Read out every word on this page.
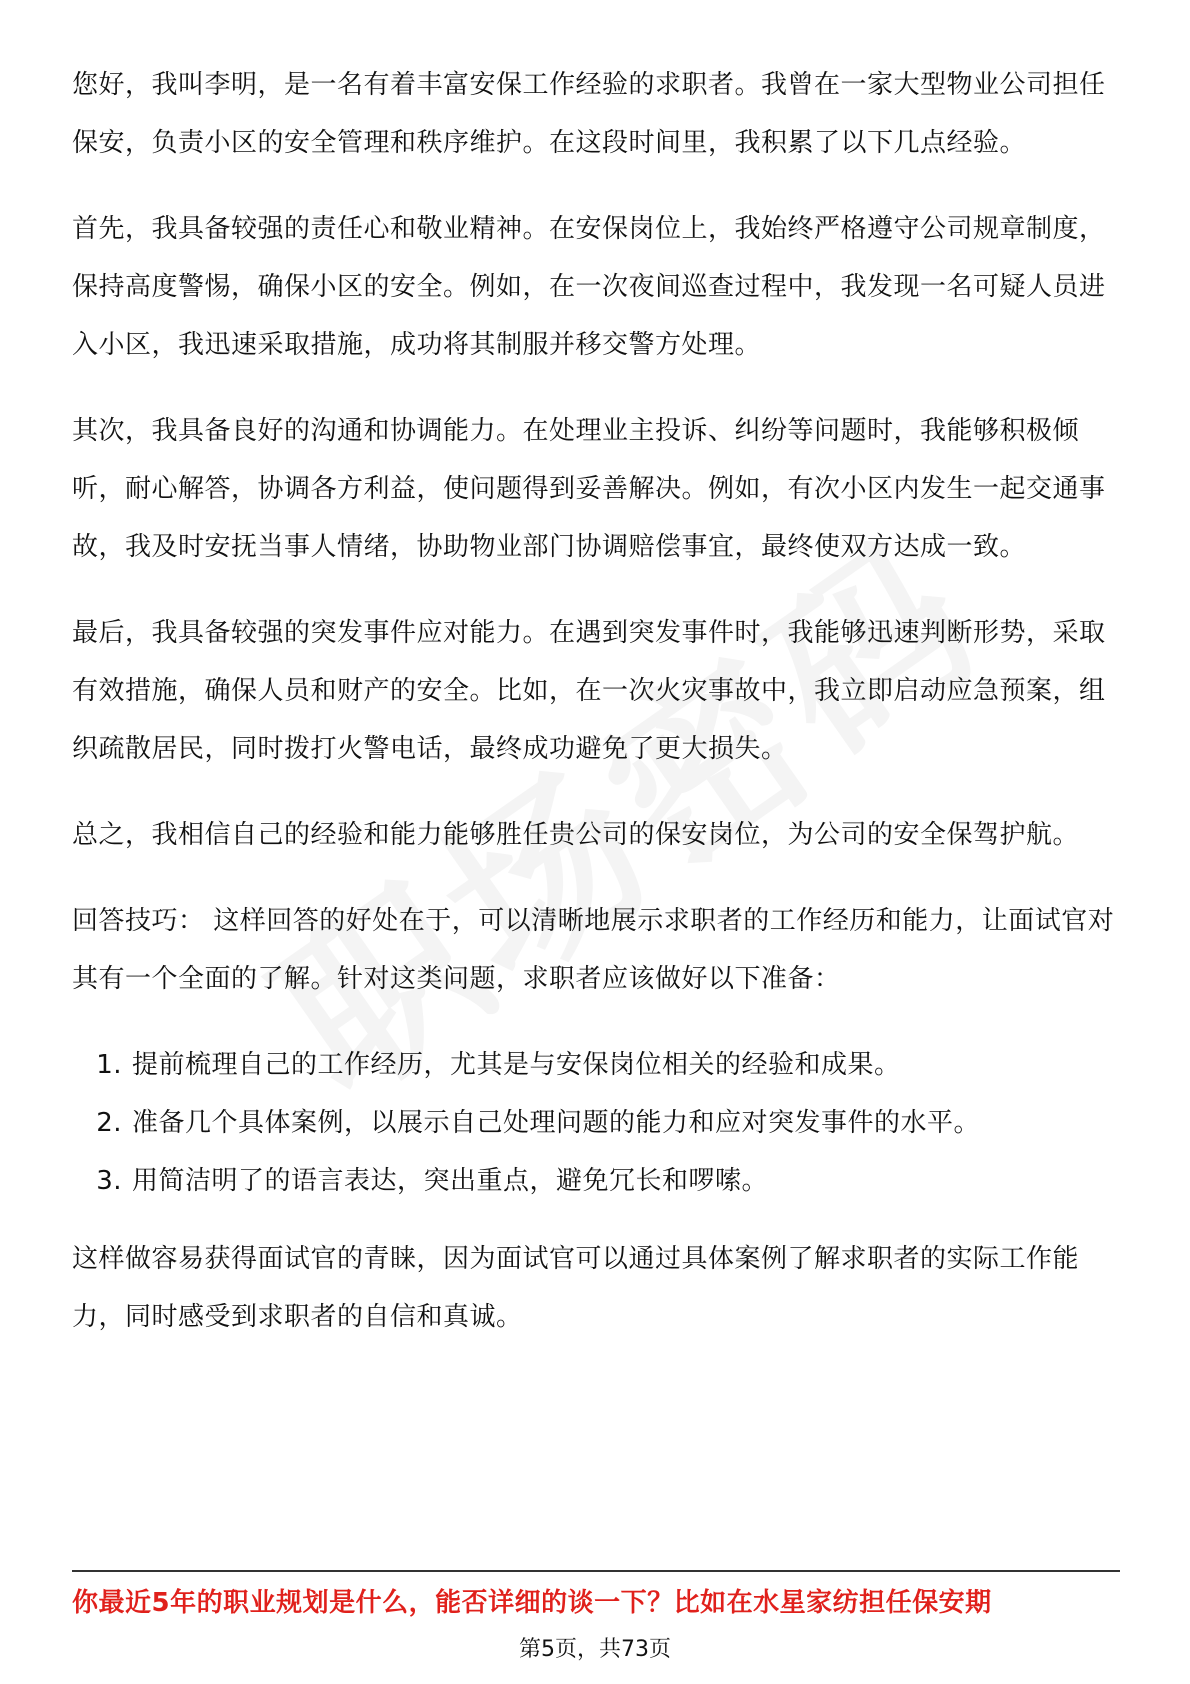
您好，我叫李明，是一名有着丰富安保工作经验的求职者。我曾在一家大型物业公司担任保安，负责小区的安全管理和秩序维护。在这段时间里，我积累了以下几点经验。

首先，我具备较强的责任心和敬业精神。在安保岗位上，我始终严格遵守公司规章制度，保持高度警惕，确保小区的安全。例如，在一次夜间巡查过程中，我发现一名可疑人员进入小区，我迅速采取措施，成功将其制服并移交警方处理。

其次，我具备良好的沟通和协调能力。在处理业主投诉、纠纷等问题时，我能够积极倾听，耐心解答，协调各方利益，使问题得到妥善解决。例如，有次小区内发生一起交通事故，我及时安抚当事人情绪，协助物业部门协调赔偿事宜，最终使双方达成一致。

最后，我具备较强的突发事件应对能力。在遇到突发事件时，我能够迅速判断形势，采取有效措施，确保人员和财产的安全。比如，在一次火灾事故中，我立即启动应急预案，组织疏散居民，同时拨打火警电话，最终成功避免了更大损失。

总之，我相信自己的经验和能力能够胜任贵公司的保安岗位，为公司的安全保驾护航。

回答技巧： 这样回答的好处在于，可以清晰地展示求职者的工作经历和能力，让面试官对其有一个全面的了解。针对这类问题，求职者应该做好以下准备：

1. 提前梳理自己的工作经历，尤其是与安保岗位相关的经验和成果。
2. 准备几个具体案例，以展示自己处理问题的能力和应对突发事件的水平。
3. 用简洁明了的语言表达，突出重点，避免冗长和啰嗦。

这样做容易获得面试官的青睐，因为面试官可以通过具体案例了解求职者的实际工作能力，同时感受到求职者的自信和真诚。

你最近5年的职业规划是什么，能否详细的谈一下？比如在水星家纺担任保安期
第5页，共73页
